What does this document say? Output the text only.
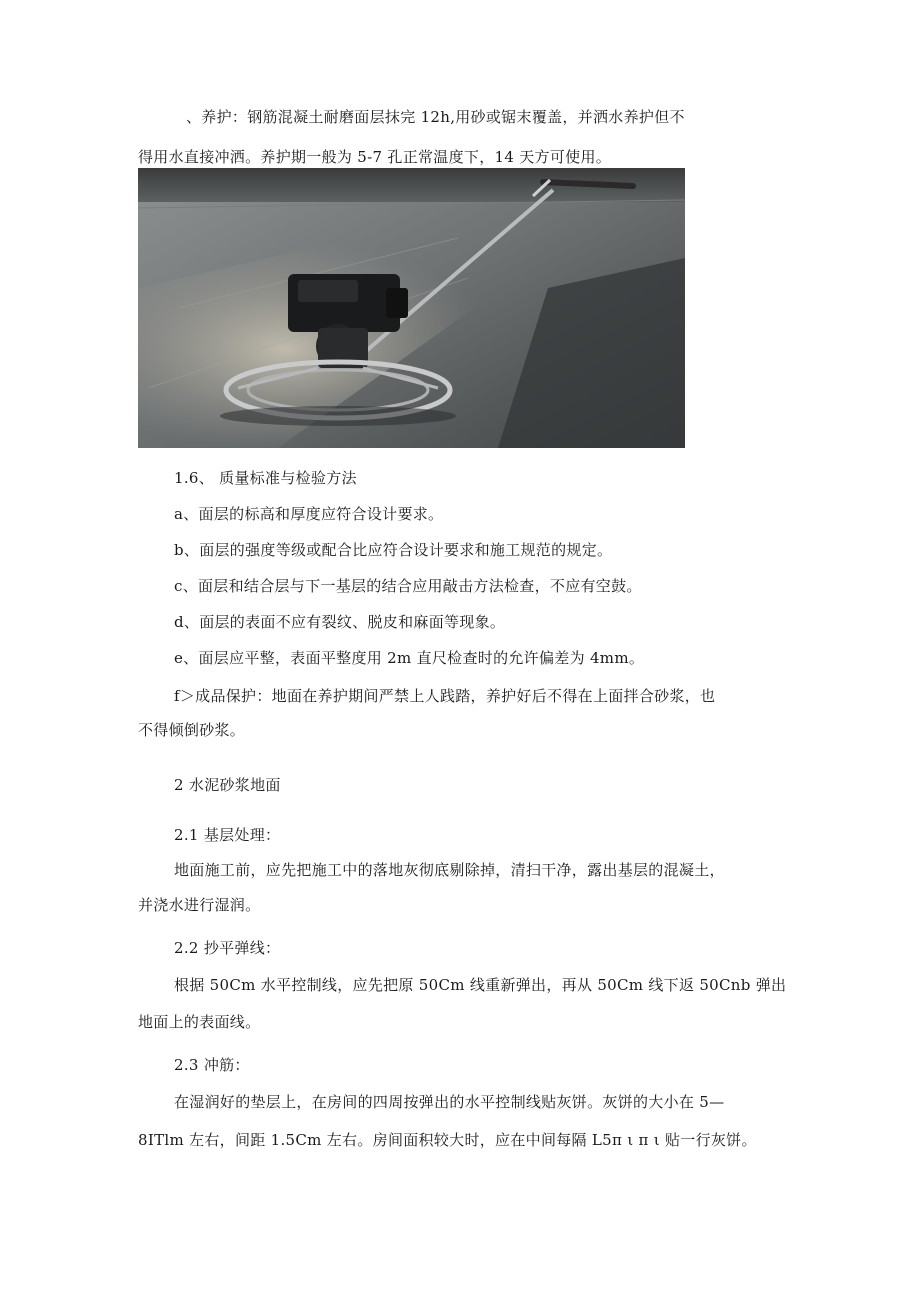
、养护：钢筋混凝土耐磨面层抹完 12h,用砂或锯末覆盖，并洒水养护但不
得用水直接冲洒。养护期一般为 5-7 孔正常温度下，14 天方可使用。
1.6、 质量标准与检验方法
a、面层的标高和厚度应符合设计要求。
b、面层的强度等级或配合比应符合设计要求和施工规范的规定。
c、面层和结合层与下一基层的结合应用敲击方法检查，不应有空鼓。
d、面层的表面不应有裂纹、脱皮和麻面等现象。
e、面层应平整，表面平整度用 2m 直尺检查时的允许偏差为 4mm。
f＞成品保护：地面在养护期间严禁上人践踏，养护好后不得在上面拌合砂浆，也
不得倾倒砂浆。
2 水泥砂浆地面
2.1 基层处理：
地面施工前，应先把施工中的落地灰彻底剔除掉，清扫干净，露出基层的混凝土，
并浇水进行湿润。
2.2 抄平弹线：
根据 50Cm 水平控制线，应先把原 50Cm 线重新弹出，再从 50Cm 线下返 50Cnb 弹出
地面上的表面线。
2.3 冲筋：
在湿润好的垫层上，在房间的四周按弹出的水平控制线贴灰饼。灰饼的大小在 5—
8ITlm 左右，间距 1.5Cm 左右。房间面积较大时，应在中间每隔 L5π ι π ι 贴一行灰饼。
